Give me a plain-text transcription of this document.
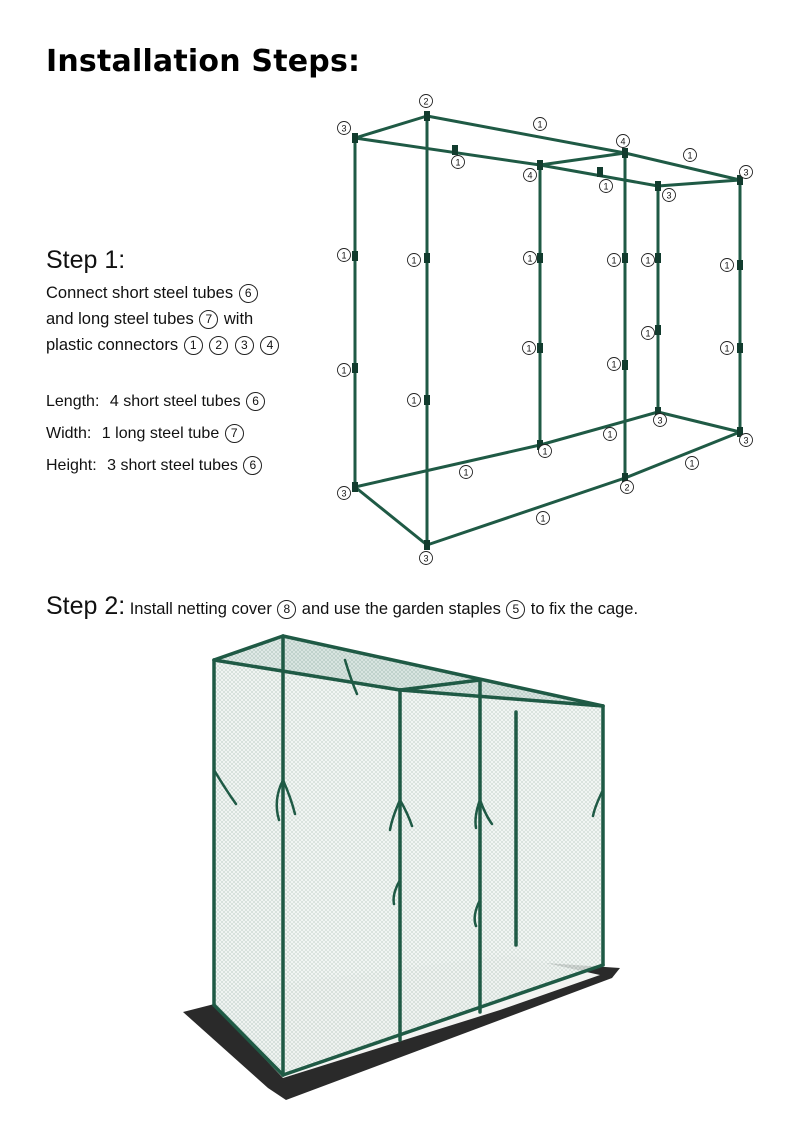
Installation Steps:
Step 1:
Connect short steel tubes 6
and long steel tubes 7 with
plastic connectors 1 2 3 4
Length: 4 short steel tubes 6
Width: 1 long steel tube 7
Height: 3 short steel tubes 6
1
1
1
1
1	1	1	1	1	1
1
1
1
1
1
1
1
1
1
1
1
2
2
3
3
3
3
3
3
3
4
4
Step 2: Install netting cover 8 and use the garden staples 5 to fix the cage.
